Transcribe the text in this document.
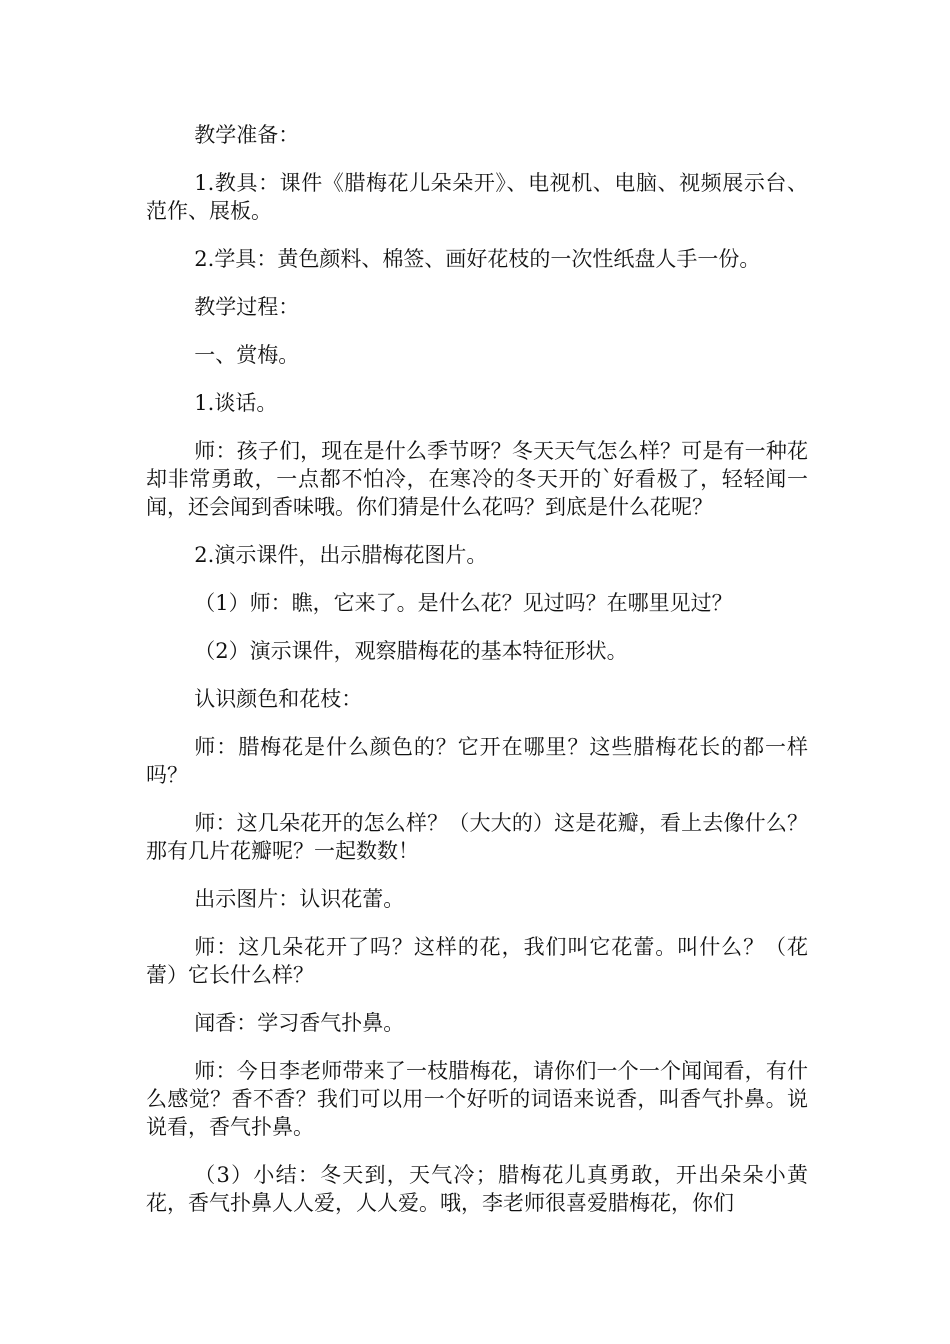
教学准备：

1.教具：课件《腊梅花儿朵朵开》、电视机、电脑、视频展示台、范作、展板。

2.学具：黄色颜料、棉签、画好花枝的一次性纸盘人手一份。

教学过程：

一、赏梅。

1.谈话。

师：孩子们，现在是什么季节呀？冬天天气怎么样？可是有一种花却非常勇敢，一点都不怕冷，在寒冷的冬天开的`好看极了，轻轻闻一闻，还会闻到香味哦。你们猜是什么花吗？到底是什么花呢？

2.演示课件，出示腊梅花图片。

（1）师：瞧，它来了。是什么花？见过吗？在哪里见过？

（2）演示课件，观察腊梅花的基本特征形状。

认识颜色和花枝：

师：腊梅花是什么颜色的？它开在哪里？这些腊梅花长的都一样吗？

师：这几朵花开的怎么样？（大大的）这是花瓣，看上去像什么？那有几片花瓣呢？一起数数！

出示图片：认识花蕾。

师：这几朵花开了吗？这样的花，我们叫它花蕾。叫什么？（花蕾）它长什么样？

闻香：学习香气扑鼻。

师：今日李老师带来了一枝腊梅花，请你们一个一个闻闻看，有什么感觉？香不香？我们可以用一个好听的词语来说香，叫香气扑鼻。说说看，香气扑鼻。

（3）小结：冬天到，天气冷；腊梅花儿真勇敢，开出朵朵小黄花，香气扑鼻人人爱，人人爱。哦，李老师很喜爱腊梅花，你们
